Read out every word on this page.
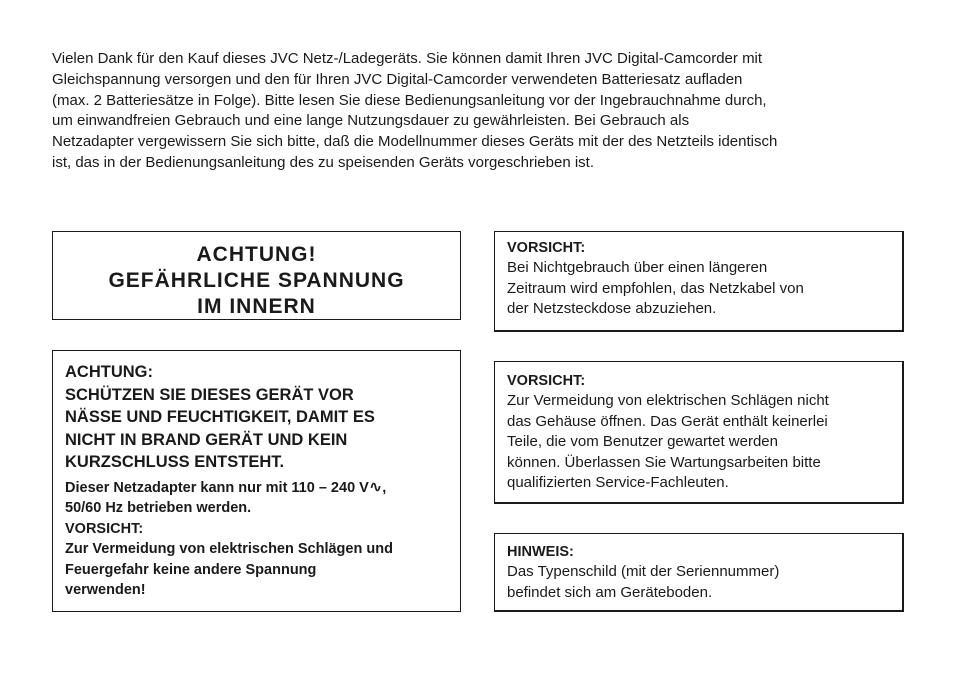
Vielen Dank für den Kauf dieses JVC Netz-/Ladegeräts. Sie können damit Ihren JVC Digital-Camcorder mit
Gleichspannung versorgen und den für Ihren JVC Digital-Camcorder verwendeten Batteriesatz aufladen
(max. 2 Batteriesätze in Folge). Bitte lesen Sie diese Bedienungsanleitung vor der Ingebrauchnahme durch,
um einwandfreien Gebrauch und eine lange Nutzungsdauer zu gewährleisten. Bei Gebrauch als
Netzadapter vergewissern Sie sich bitte, daß die Modellnummer dieses Geräts mit der des Netzteils identisch
ist, das in der Bedienungsanleitung des zu speisenden Geräts vorgeschrieben ist.
ACHTUNG!
GEFÄHRLICHE SPANNUNG
IM INNERN

ACHTUNG:

SCHÜTZEN SIE DIESES GERÄT VOR

NÄSSE UND FEUCHTIGKEIT, DAMIT ES

NICHT IN BRAND GERÄT UND KEIN

KURZSCHLUSS ENTSTEHT.

Dieser Netzadapter kann nur mit 110 – 240 V∿,

50/60 Hz betrieben werden.

VORSICHT:

Zur Vermeidung von elektrischen Schlägen und

Feuergefahr keine andere Spannung

verwenden!

VORSICHT:

Bei Nichtgebrauch über einen längeren

Zeitraum wird empfohlen, das Netzkabel von

der Netzsteckdose abzuziehen.

VORSICHT:

Zur Vermeidung von elektrischen Schlägen nicht

das Gehäuse öffnen. Das Gerät enthält keinerlei

Teile, die vom Benutzer gewartet werden

können. Überlassen Sie Wartungsarbeiten bitte

qualifizierten Service-Fachleuten.

HINWEIS:

Das Typenschild (mit der Seriennummer)

befindet sich am Geräteboden.
